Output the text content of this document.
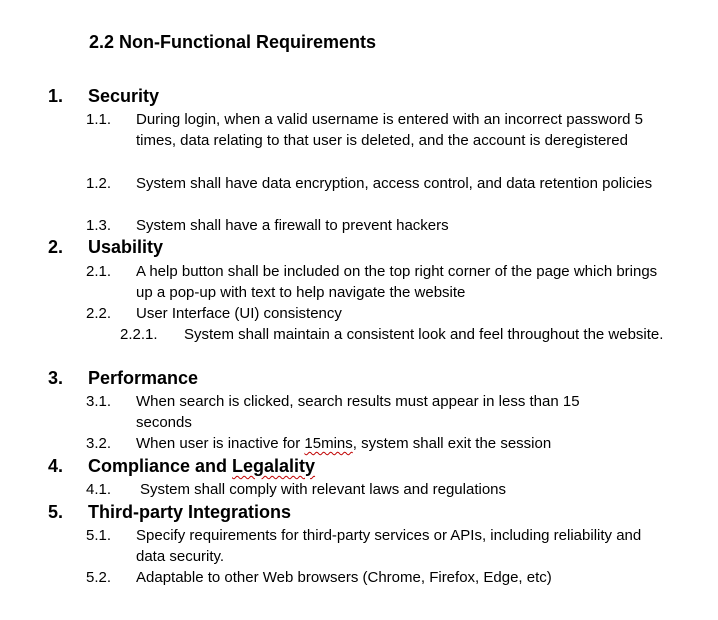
2.2 Non-Functional Requirements
1. Security
1.1. During login, when a valid username is entered with an incorrect password 5 times, data relating to that user is deleted, and the account is deregistered
1.2. System shall have data encryption, access control, and data retention policies
1.3. System shall have a firewall to prevent hackers
2. Usability
2.1. A help button shall be included on the top right corner of the page which brings up a pop-up with text to help navigate the website
2.2. User Interface (UI) consistency
2.2.1. System shall maintain a consistent look and feel throughout the website.
3. Performance
3.1. When search is clicked, search results must appear in less than 15 seconds
3.2. When user is inactive for 15mins, system shall exit the session
4. Compliance and Legalality
4.1. System shall comply with relevant laws and regulations
5. Third-party Integrations
5.1. Specify requirements for third-party services or APIs, including reliability and data security.
5.2. Adaptable to other Web browsers (Chrome, Firefox, Edge, etc)
